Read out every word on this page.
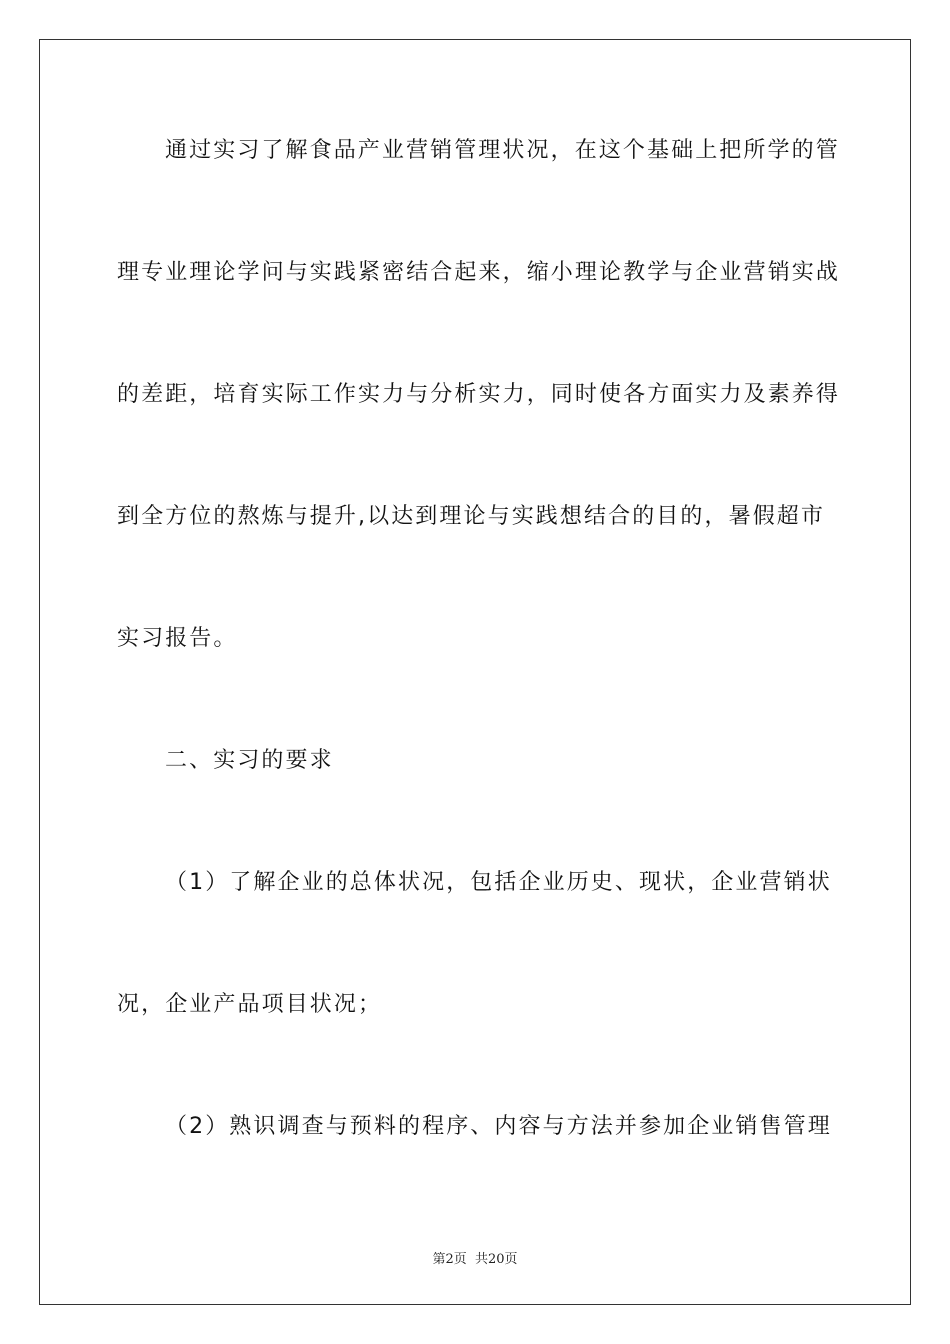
通过实习了解食品产业营销管理状况，在这个基础上把所学的管
理专业理论学问与实践紧密结合起来，缩小理论教学与企业营销实战
的差距，培育实际工作实力与分析实力，同时使各方面实力及素养得
到全方位的熬炼与提升,以达到理论与实践想结合的目的，暑假超市
实习报告。
二、实习的要求
（1）了解企业的总体状况，包括企业历史、现状，企业营销状
况，企业产品项目状况；
（2）熟识调查与预料的程序、内容与方法并参加企业销售管理
第2页 共20页
